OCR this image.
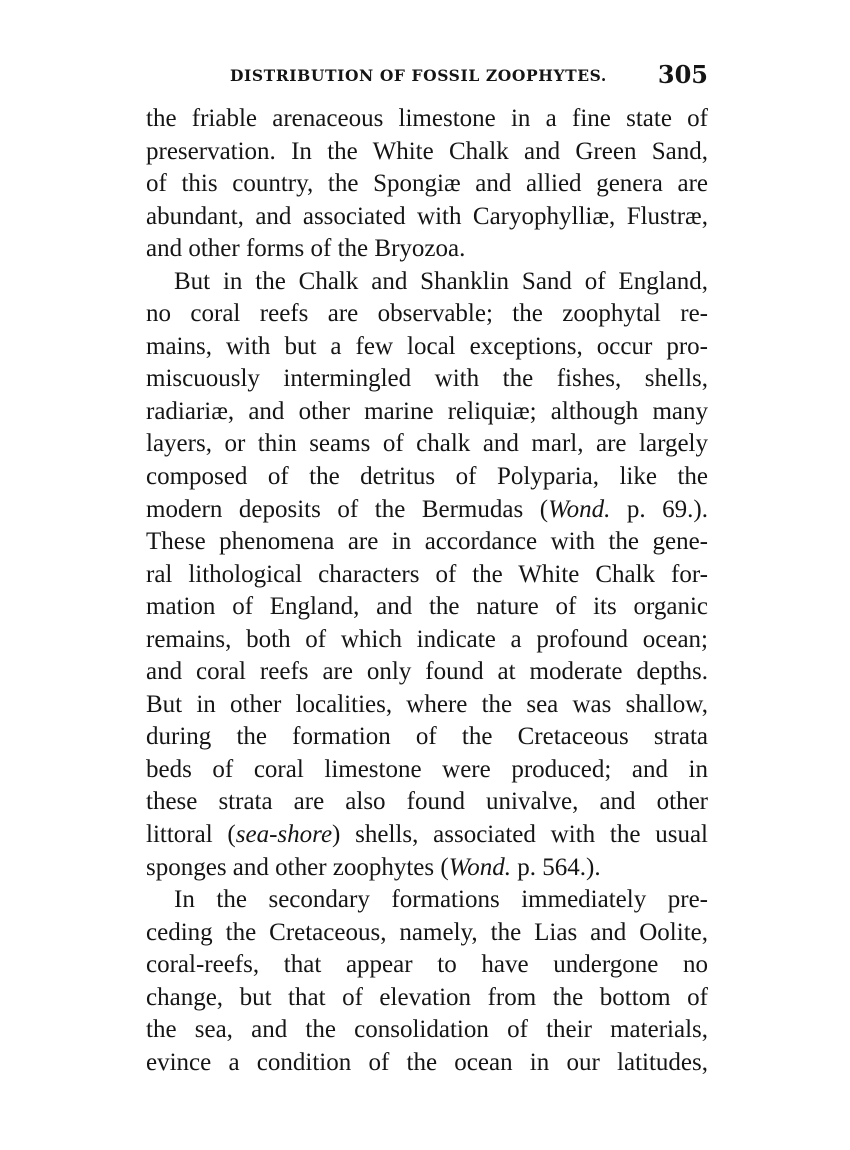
DISTRIBUTION OF FOSSIL ZOOPHYTES. 305
the friable arenaceous limestone in a fine state of
preservation. In the White Chalk and Green Sand,
of this country, the Spongiæ and allied genera are
abundant, and associated with Caryophylliæ, Flustræ,
and other forms of the Bryozoa.
But in the Chalk and Shanklin Sand of England,
no coral reefs are observable; the zoophytal re-
mains, with but a few local exceptions, occur pro-
miscuously intermingled with the fishes, shells,
radiariæ, and other marine reliquiæ; although many
layers, or thin seams of chalk and marl, are largely
composed of the detritus of Polyparia, like the
modern deposits of the Bermudas (Wond. p. 69.).
These phenomena are in accordance with the gene-
ral lithological characters of the White Chalk for-
mation of England, and the nature of its organic
remains, both of which indicate a profound ocean;
and coral reefs are only found at moderate depths.
But in other localities, where the sea was shallow,
during the formation of the Cretaceous strata
beds of coral limestone were produced; and in
these strata are also found univalve, and other
littoral (sea-shore) shells, associated with the usual
sponges and other zoophytes (Wond. p. 564.).
In the secondary formations immediately pre-
ceding the Cretaceous, namely, the Lias and Oolite,
coral-reefs, that appear to have undergone no
change, but that of elevation from the bottom of
the sea, and the consolidation of their materials,
evince a condition of the ocean in our latitudes,
